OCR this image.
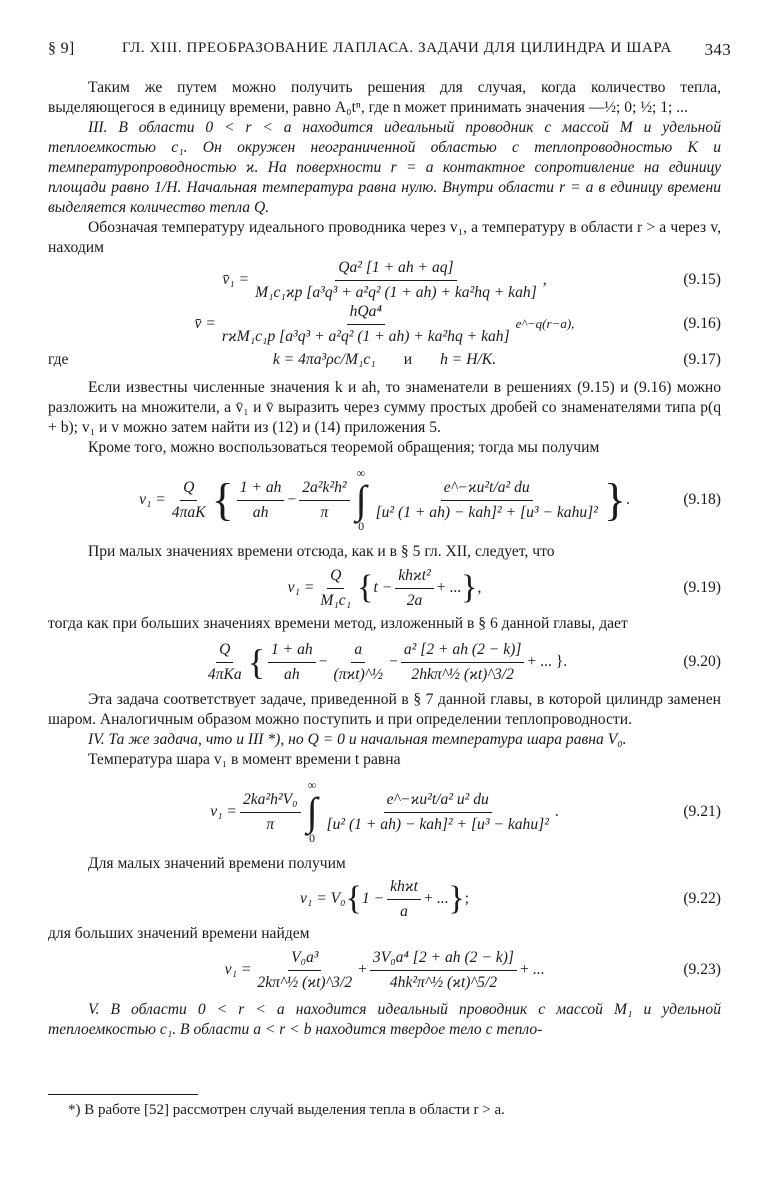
§ 9]	ГЛ. XIII. ПРЕОБРАЗОВАНИЕ ЛАПЛАСА. ЗАДАЧИ ДЛЯ ЦИЛИНДРА И ШАРА 343

Таким же путем можно получить решения для случая, когда количество тепла, выделяющегося в единицу времени, равно A₀tⁿ, где n может принимать значения —½; 0; ½; 1; ...

III. В области 0 < r < a находится идеальный проводник с массой M и удельной теплоемкостью c₁. Он окружен неограниченной областью с теплопроводностью K и температуропроводностью ϰ. На поверхности r = a контактное сопротивление на единицу площади равно 1/H. Начальная температура равна нулю. Внутри области r = a в единицу времени выделяется количество тепла Q.

Обозначая температуру идеального проводника через v₁, а температуру в области r > a через v, находим

v̄₁ = $\frac{\text{Qa² [1 + ah + aq]}}{\text{M₁c₁ϰp [a³q³ + a²q² (1 + ah) + ka²hq + kah]}}$ ,	(9.15)
v̄ = $\frac{\text{hQa⁴}}{\text{rϰM₁c₁p [a³q³ + a²q² (1 + ah) + ka²hq + kah]}}$ e^−q(r−a),	(9.16)
где	k = 4πa³ρc/M₁c₁ и h = H/K.	(9.17)

Если известны численные значения k и ah, то знаменатели в решениях (9.15) и (9.16) можно разложить на множители, а v̄₁ и v̄ выразить через сумму простых дробей со знаменателями типа p(q + b); v₁ и v можно затем найти из (12) и (14) приложения 5.

Кроме того, можно воспользоваться теоремой обращения; тогда мы получим

$v_1 = \frac{Q}{\text{4πaK}}$ { $\frac{1 + ah}{ah} - \frac{\text{2a²k²h²}}{\pi}$
∞
∫
0
$\frac{\text{e\textasciicircum{}−ϰu²t/a² du}}{\text{[u² (1 + ah) − kah]² + [u³ − kahu]²}}$ } .	(9.18)

При малых значениях времени отсюда, как и в § 5 гл. XII, следует, что

$v_1 = \frac{Q}{\text{M₁c₁}}$ { $t - \frac{\text{khϰt²}}{2a}$ + ... } ,	(9.19)

тогда как при больших значениях времени метод, изложенный в § 6 данной главы, дает

$\frac{Q}{\text{4πKa}}$ { $\frac{1 + ah}{ah} - \frac{a}{\text{(πϰt)\textasciicircum{}½}} - \frac{\text{a² [2 + ah (2 − k)]}}{\text{2hkπ\textasciicircum{}½ (ϰt)\textasciicircum{}3/2}}$ + ... }.	(9.20)

Эта задача соответствует задаче, приведенной в § 7 данной главы, в которой цилиндр заменен шаром. Аналогичным образом можно поступить и при определении теплопроводности.

IV. Та же задача, что и III *), но Q = 0 и начальная температура шара равна V₀.

Температура шара v₁ в момент времени t равна

$v_1 = \frac{\text{2ka²h²V₀}}{\pi}$
∞
∫
0
$\frac{\text{e\textasciicircum{}−ϰu²t/a² u² du}}{\text{[u² (1 + ah) − kah]² + [u³ − kahu]²}}$ .	(9.21)

Для малых значений времени получим

v₁ = V₀ { $1 - \frac{\text{khϰt}}{a}$ + ... } ;	(9.22)

для больших значений времени найдем

$v_1 = \frac{\text{V₀a³}}{\text{2kπ\textasciicircum{}½ (ϰt)\textasciicircum{}3/2}} + \frac{\text{3V₀a⁴ [2 + ah (2 − k)]}}{\text{4hk²π\textasciicircum{}½ (ϰt)\textasciicircum{}5/2}}$ + ...	(9.23)

V. В области 0 < r < a находится идеальный проводник с массой M₁ и удельной теплоемкостью c₁. В области a < r < b находится твердое тело с тепло-

*) В работе [52] рассмотрен случай выделения тепла в области r > a.
